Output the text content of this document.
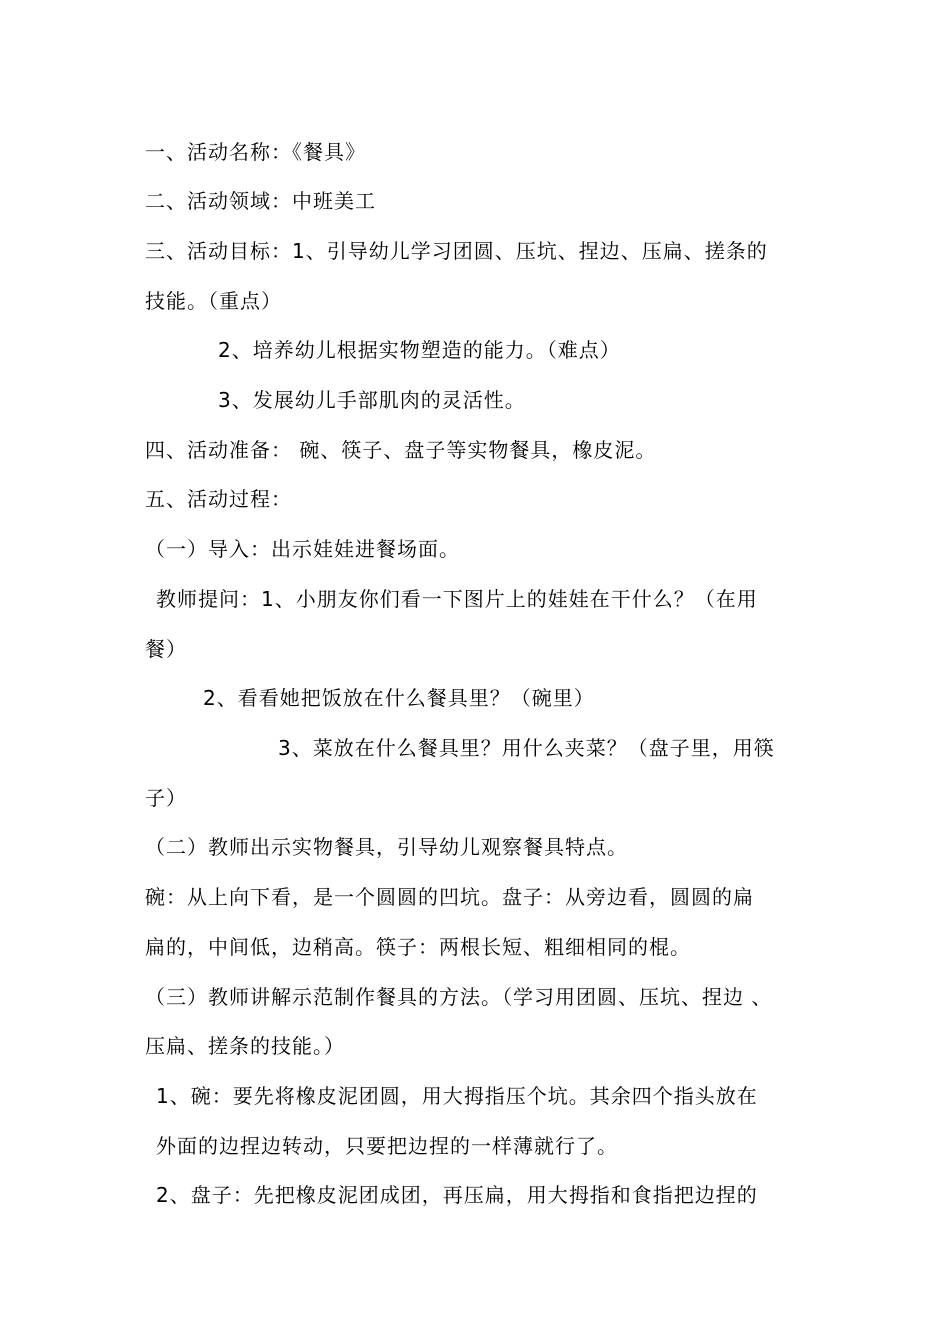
一、活动名称：《餐具》
二、活动领域：中班美工
三、活动目标：1、引导幼儿学习团圆、压坑、捏边、压扁、搓条的
技能。（重点）
2、培养幼儿根据实物塑造的能力。（难点）
3、发展幼儿手部肌肉的灵活性。
四、活动准备： 碗、筷子、盘子等实物餐具，橡皮泥。
五、活动过程：
（一）导入：出示娃娃进餐场面。
教师提问：1、小朋友你们看一下图片上的娃娃在干什么？（在用
餐）
2、看看她把饭放在什么餐具里？（碗里）
3、菜放在什么餐具里？用什么夹菜？（盘子里，用筷
子）
（二）教师出示实物餐具，引导幼儿观察餐具特点。
碗：从上向下看，是一个圆圆的凹坑。盘子：从旁边看，圆圆的扁
扁的，中间低，边稍高。筷子：两根长短、粗细相同的棍。
（三）教师讲解示范制作餐具的方法。（学习用团圆、压坑、捏边 、
压扁、搓条的技能。）
1、碗：要先将橡皮泥团圆，用大拇指压个坑。其余四个指头放在
外面的边捏边转动，只要把边捏的一样薄就行了。
2、盘子：先把橡皮泥团成团，再压扁，用大拇指和食指把边捏的
